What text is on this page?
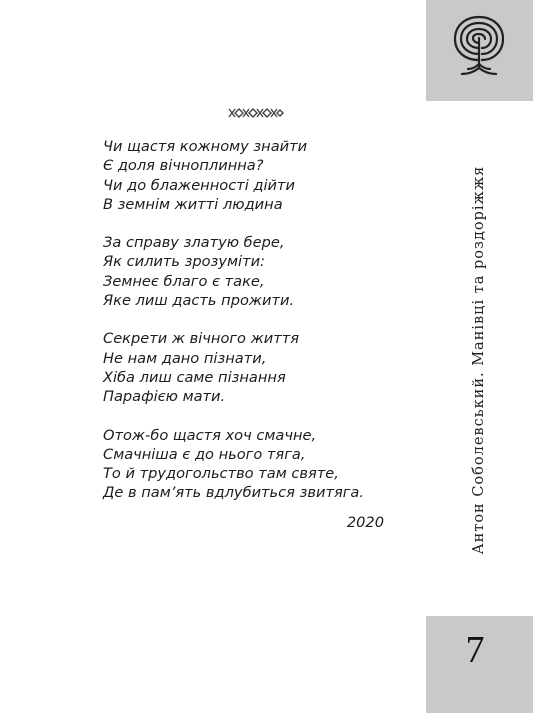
Антон Соболевський. Манівці та роздоріжжя
7
Чи щастя кожному знайти
Є доля вічноплинна?
Чи до блаженності дійти
В земнім житті людина
За справу златую бере,
Як силить зрозуміти:
Земнеє благо є таке,
Яке лиш дасть прожити.
Секрети ж вічного життя
Не нам дано пізнати,
Хіба лиш саме пізнання
Парафією мати.
Отож-бо щастя хоч смачне,
Смачніша є до нього тяга,
То й трудогольство там святе,
Де в пам’ять вдлубиться звитяга.
2020
